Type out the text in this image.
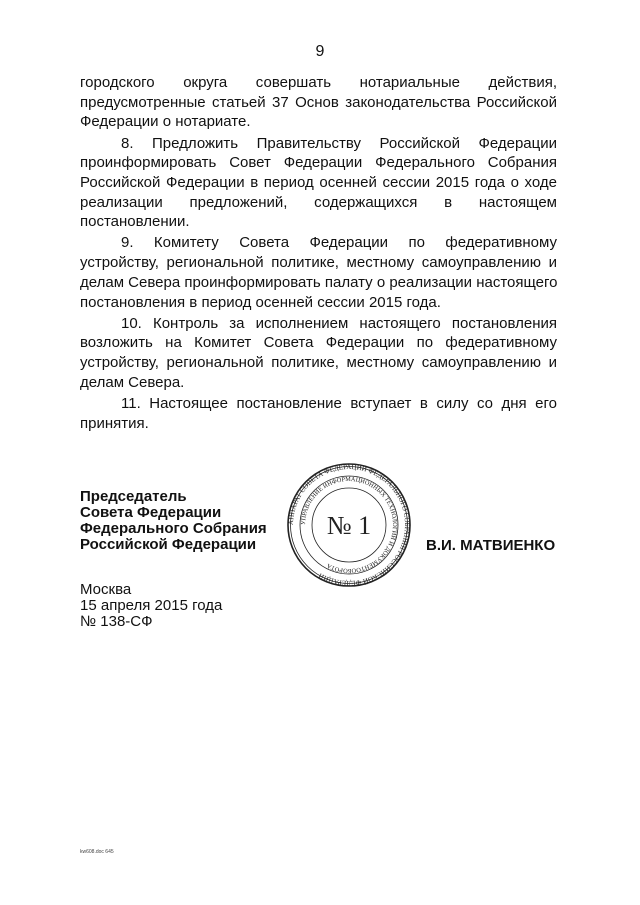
9
городского округа совершать нотариальные действия,
предусмотренные статьей 37 Основ законодательства Российской
Федерации о нотариате.
8. Предложить Правительству Российской Федерации
проинформировать Совет Федерации Федерального Собрания
Российской Федерации в период осенней сессии 2015 года о ходе
реализации предложений, содержащихся в настоящем
постановлении.
9. Комитету Совета Федерации по федеративному
устройству, региональной политике, местному самоуправлению и
делам Севера проинформировать палату о реализации настоящего
постановления в период осенней сессии 2015 года.
10. Контроль за исполнением настоящего постановления
возложить на Комитет Совета Федерации по федеративному
устройству, региональной политике, местному самоуправлению и
делам Севера.
11. Настоящее постановление вступает в силу со дня его
принятия.
Председатель
Совета Федерации
Федерального Собрания
Российской Федерации
АППАРАТ СОВЕТА ФЕДЕРАЦИИ ФЕДЕРАЛЬНОГО СОБРАНИЯ РОССИЙСКОЙ ФЕДЕРАЦИИ
УПРАВЛЕНИЕ ИНФОРМАЦИОННЫХ ТЕХНОЛОГИЙ И ДОКУМЕНТООБОРОТА
№ 1
В.И. МАТВИЕНКО
Москва
15 апреля 2015 года
№ 138-СФ
kw608.doc 645
